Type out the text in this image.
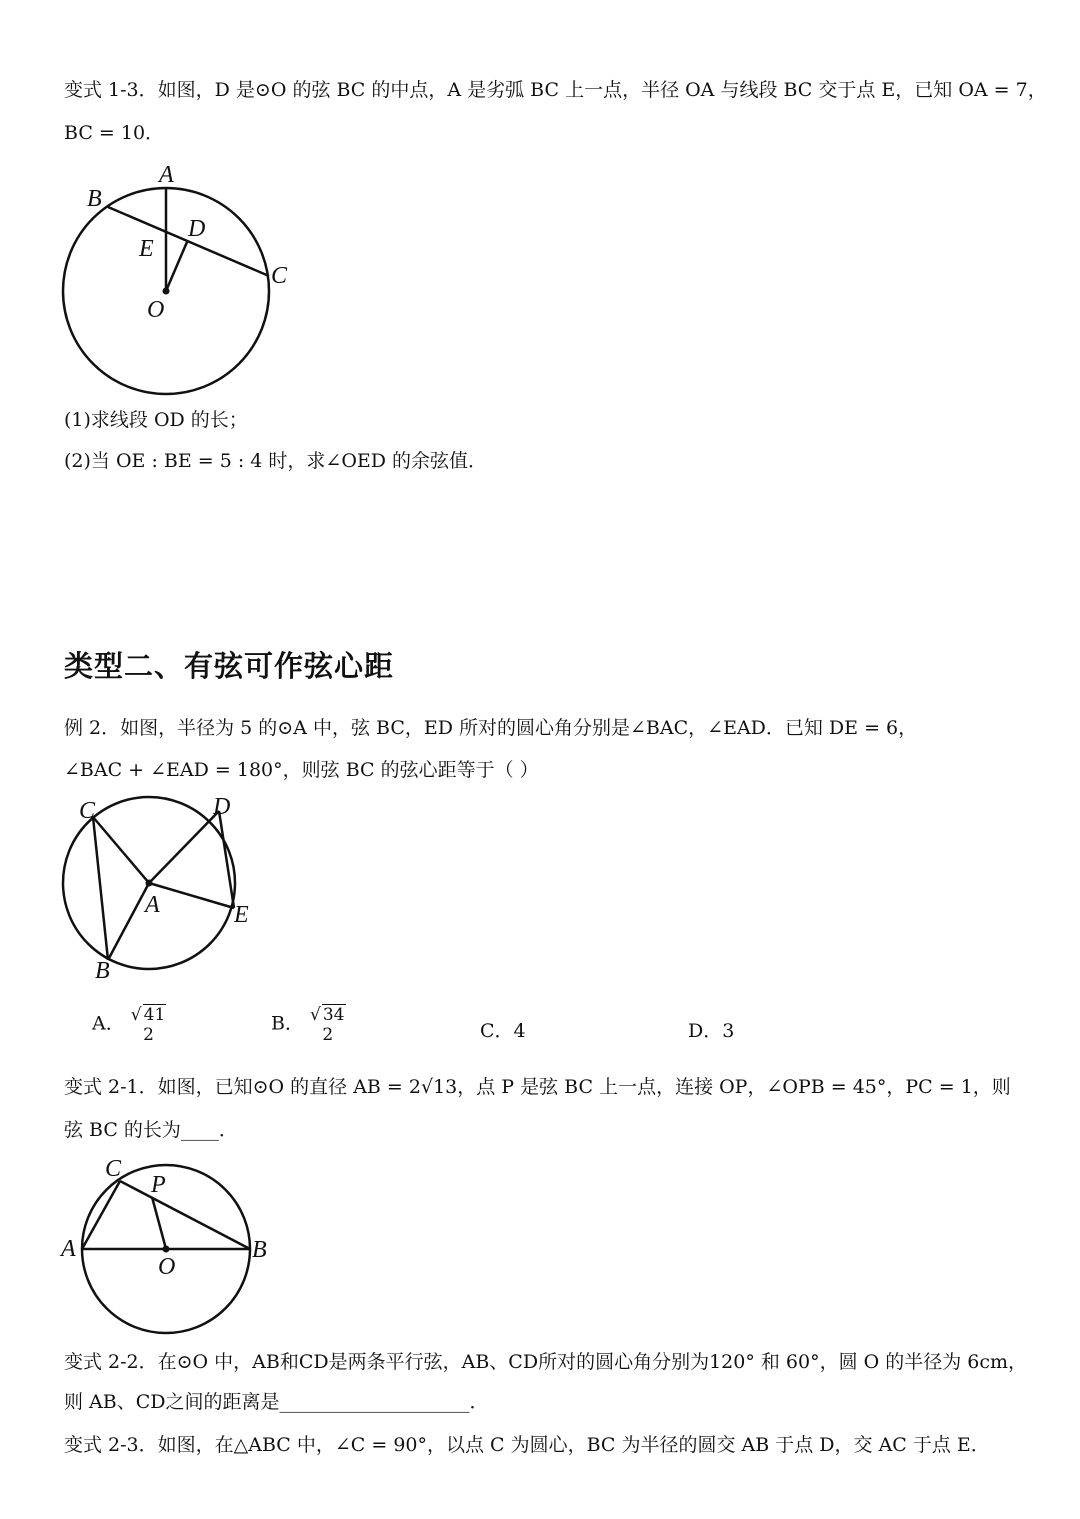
变式 1-3．如图，D 是⊙O 的弦 BC 的中点，A 是劣弧 BC 上一点，半径 OA 与线段 BC 交于点 E，已知 OA = 7，
BC = 10．
A
B
C
D
E
O
(1)求线段 OD 的长；
(2)当 OE : BE = 5 : 4 时，求∠OED 的余弦值．
类型二、有弦可作弦心距
例 2．如图，半径为 5 的⊙A 中，弦 BC，ED 所对的圆心角分别是∠BAC，∠EAD．已知 DE = 6，
∠BAC + ∠EAD = 180°，则弦 BC 的弦心距等于（ ）
A
B
C	D
E
A． √ 41
2
B． √ 34
2	C．4	D．3
变式 2-1．如图，已知⊙O 的直径 AB = 2√13，点 P 是弦 BC 上一点，连接 OP，∠OPB = 45°，PC = 1，则
弦 BC 的长为____．
A	B
C
O
P
变式 2-2．在⊙O 中，AB和CD是两条平行弦，AB、CD所对的圆心角分别为120° 和 60°，圆 O 的半径为 6cm，
则 AB、CD之间的距离是____________________．
变式 2-3．如图，在△ABC 中，∠C = 90°，以点 C 为圆心，BC 为半径的圆交 AB 于点 D，交 AC 于点 E．
